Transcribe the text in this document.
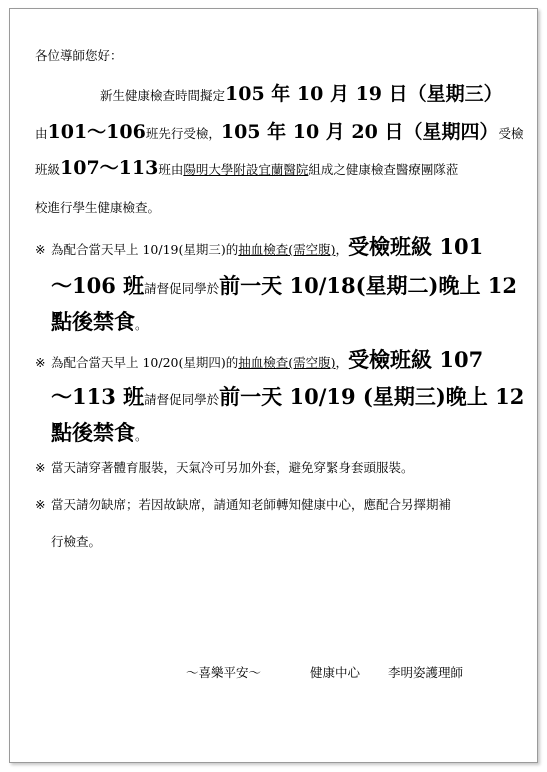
各位導師您好：
新生健康檢查時間擬定105 年 10 月 19 日（星期三）
由101～106班先行受檢，105 年 10 月 20 日（星期四）受檢
班級107～113班由陽明大學附設宜蘭醫院組成之健康檢查醫療團隊蒞
校進行學生健康檢查。
※ 為配合當天早上 10/19(星期三)的抽血檢查(需空腹)，受檢班級 101
～106 班請督促同學於前一天 10/18(星期二)晚上 12
點後禁食。
※ 為配合當天早上 10/20(星期四)的抽血檢查(需空腹)，受檢班級 107
～113 班請督促同學於前一天 10/19 (星期三)晚上 12
點後禁食。
※ 當天請穿著體育服裝，天氣冷可另加外套，避免穿緊身套頭服裝。
※ 當天請勿缺席；若因故缺席，請通知老師轉知健康中心，應配合另擇期補
行檢查。
～喜樂平安～	健康中心 李明姿護理師
